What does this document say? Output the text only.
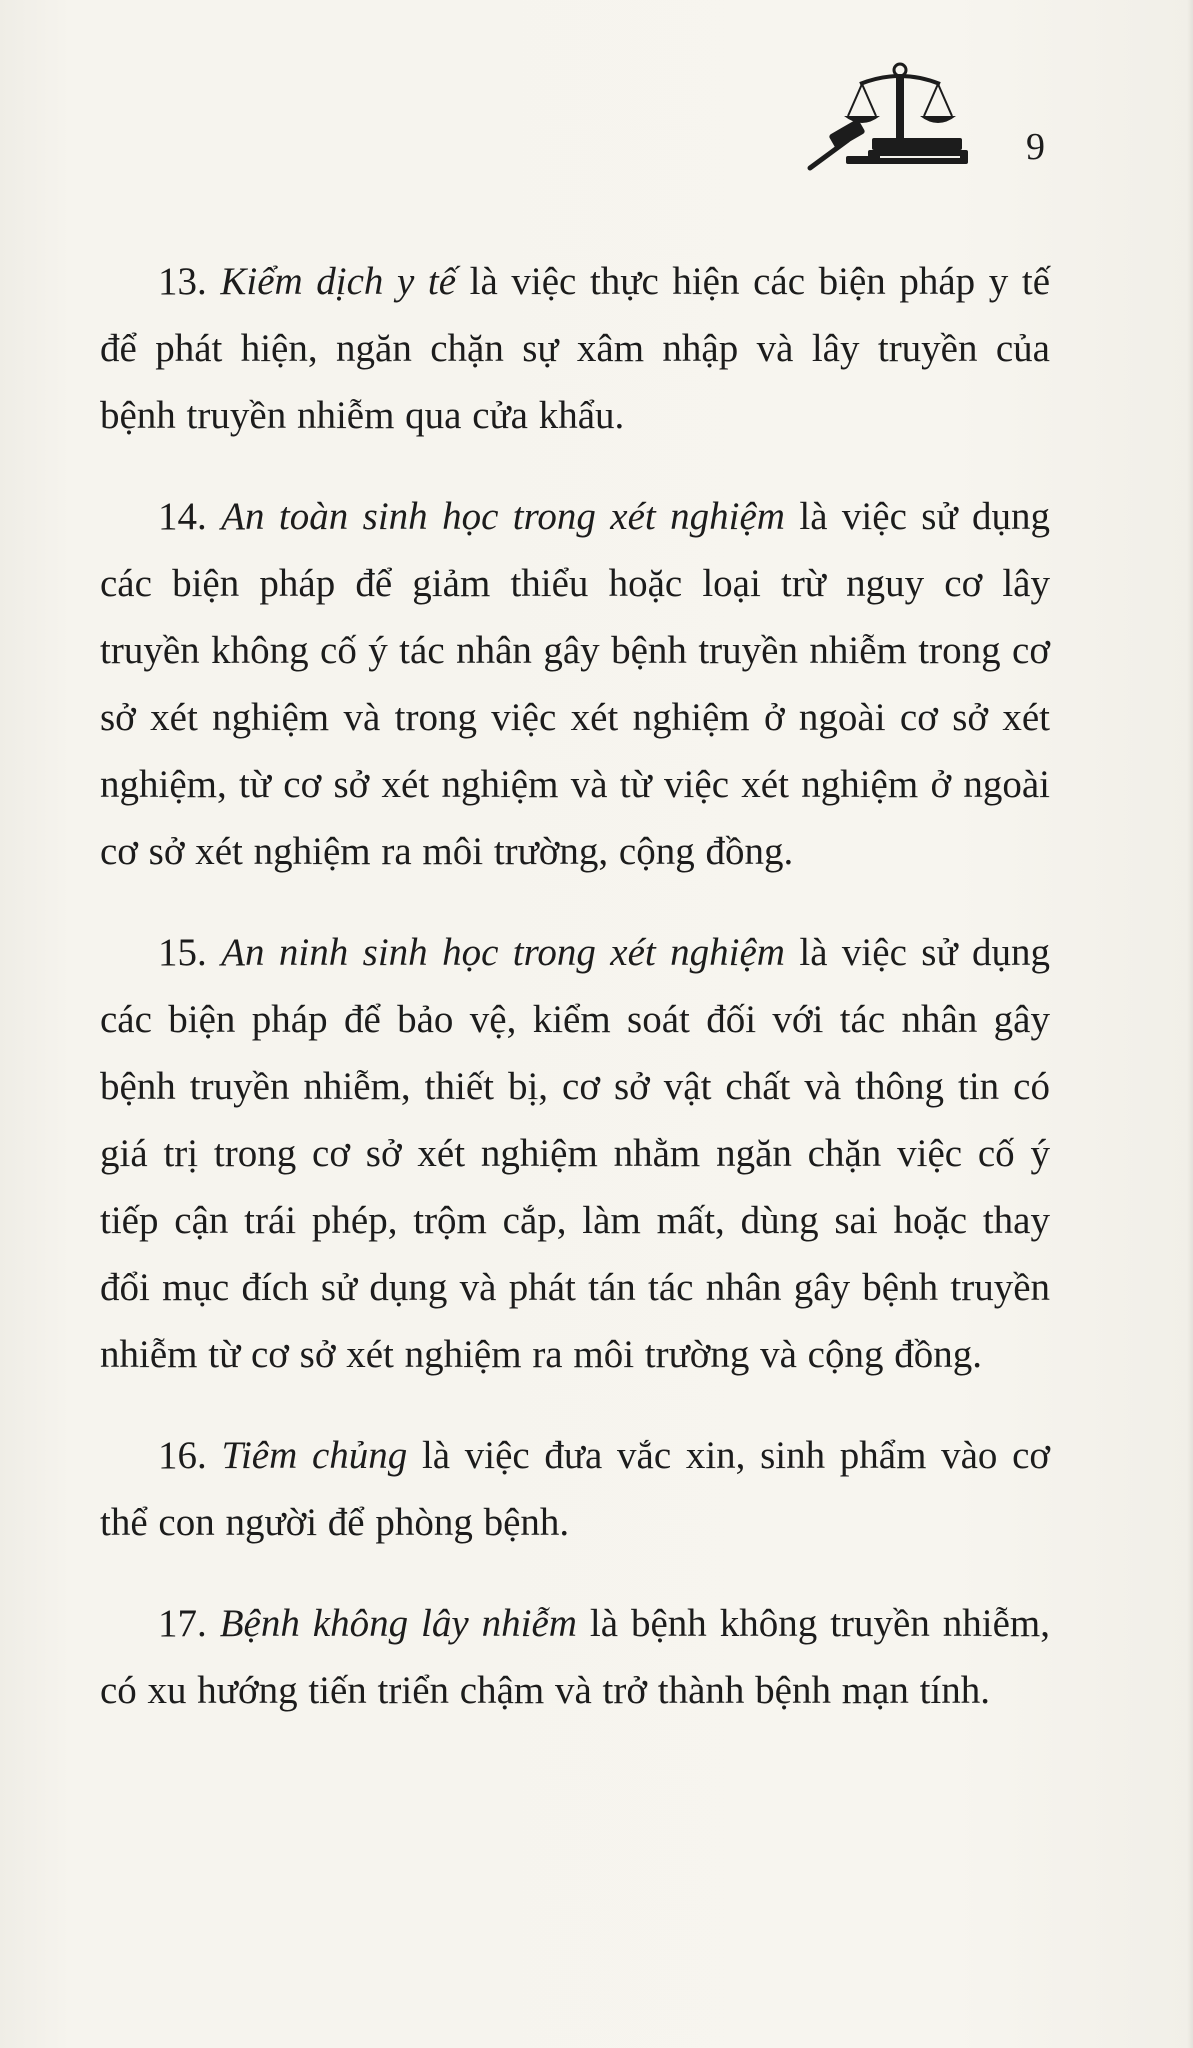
9

13. Kiểm dịch y tế là việc thực hiện các biện pháp y tế để phát hiện, ngăn chặn sự xâm nhập và lây truyền của bệnh truyền nhiễm qua cửa khẩu.

14. An toàn sinh học trong xét nghiệm là việc sử dụng các biện pháp để giảm thiểu hoặc loại trừ nguy cơ lây truyền không cố ý tác nhân gây bệnh truyền nhiễm trong cơ sở xét nghiệm và trong việc xét nghiệm ở ngoài cơ sở xét nghiệm, từ cơ sở xét nghiệm và từ việc xét nghiệm ở ngoài cơ sở xét nghiệm ra môi trường, cộng đồng.

15. An ninh sinh học trong xét nghiệm là việc sử dụng các biện pháp để bảo vệ, kiểm soát đối với tác nhân gây bệnh truyền nhiễm, thiết bị, cơ sở vật chất và thông tin có giá trị trong cơ sở xét nghiệm nhằm ngăn chặn việc cố ý tiếp cận trái phép, trộm cắp, làm mất, dùng sai hoặc thay đổi mục đích sử dụng và phát tán tác nhân gây bệnh truyền nhiễm từ cơ sở xét nghiệm ra môi trường và cộng đồng.

16. Tiêm chủng là việc đưa vắc xin, sinh phẩm vào cơ thể con người để phòng bệnh.

17. Bệnh không lây nhiễm là bệnh không truyền nhiễm, có xu hướng tiến triển chậm và trở thành bệnh mạn tính.
